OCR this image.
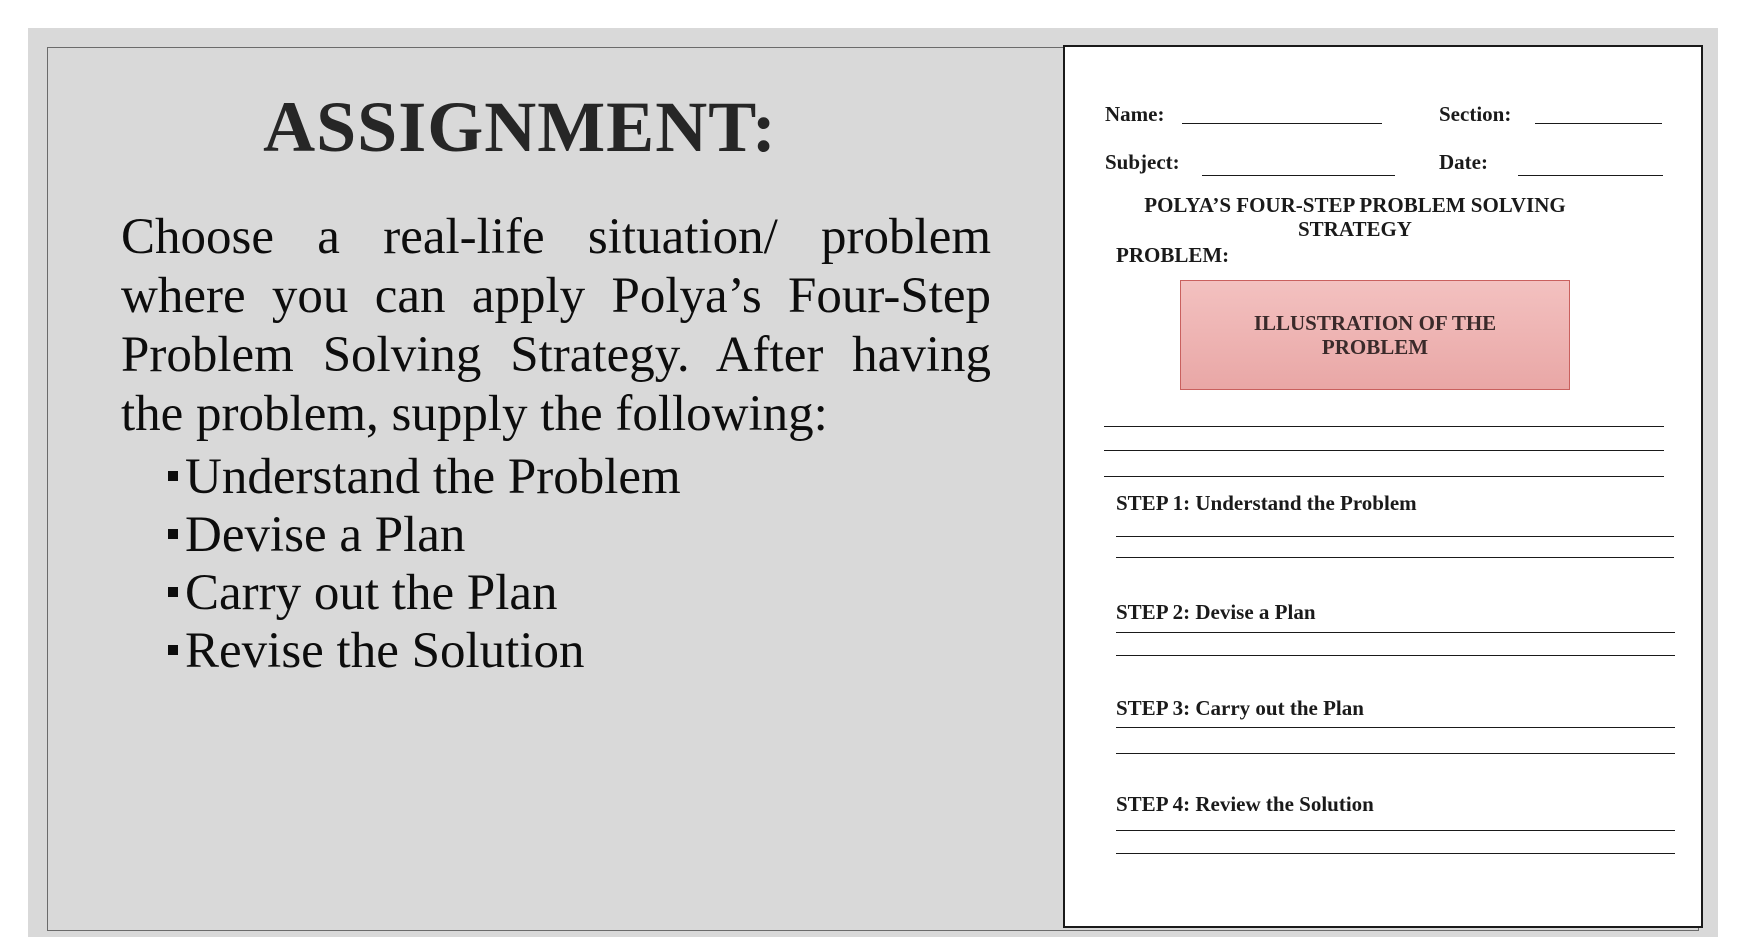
ASSIGNMENT:
Choose a real-life situation/ problem where you can apply Polya’s Four-Step Problem Solving Strategy. After having the problem, supply the following:
Understand the Problem
Devise a Plan
Carry out the Plan
Revise the Solution
Name:	Section:
Subject:	Date:
POLYA’S FOUR-STEP PROBLEM SOLVING
STRATEGY
PROBLEM:
ILLUSTRATION OF THE PROBLEM
STEP 1: Understand the Problem
STEP 2: Devise a Plan
STEP 3: Carry out the Plan
STEP 4: Review the Solution
